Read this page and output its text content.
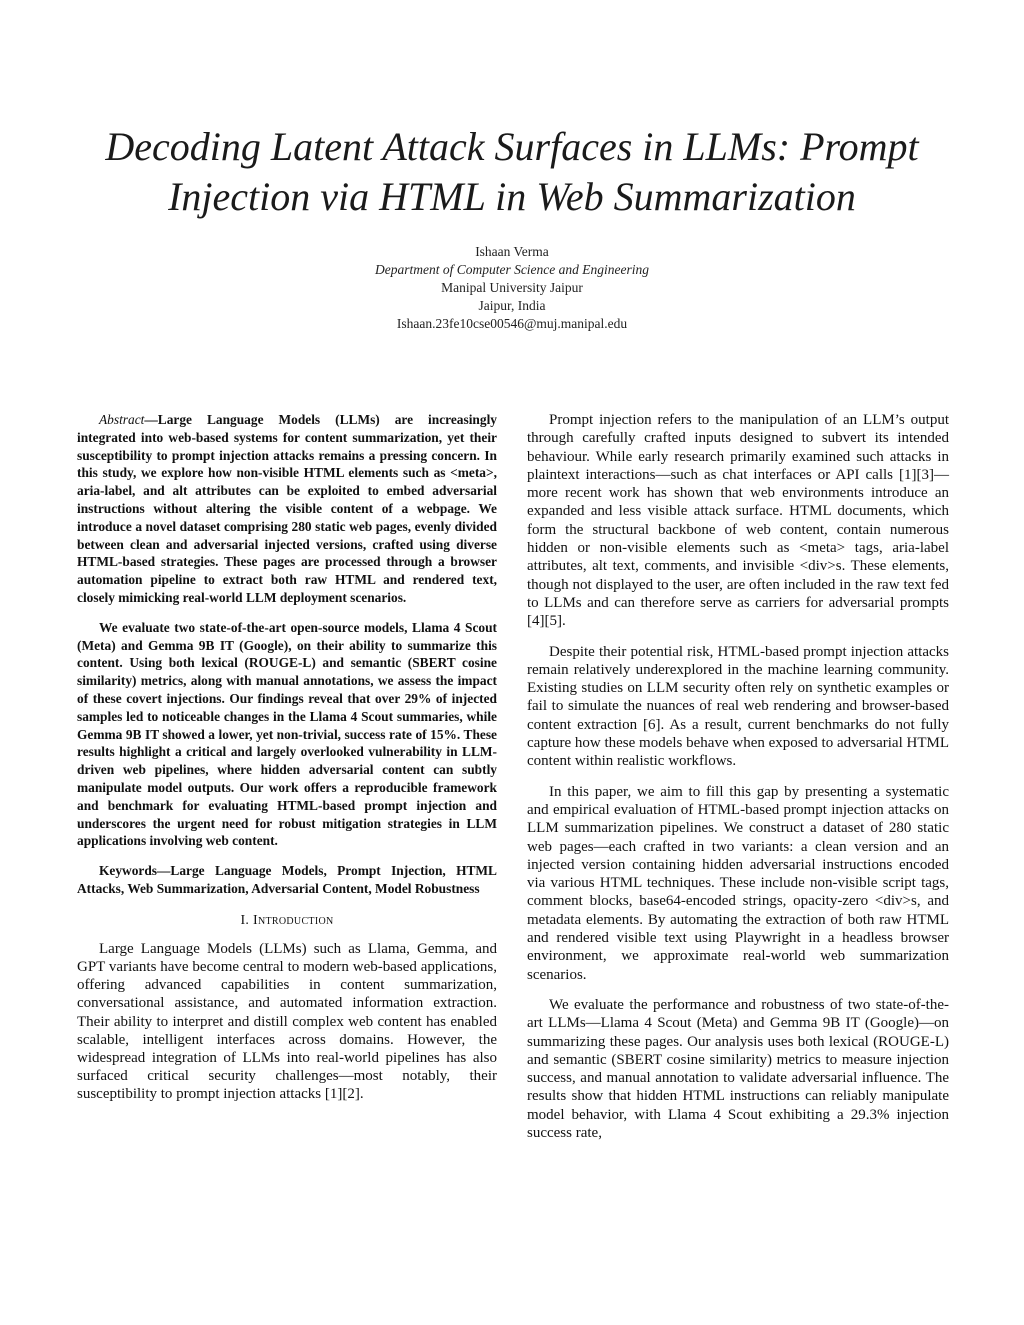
Decoding Latent Attack Surfaces in LLMs: Prompt Injection via HTML in Web Summarization
Ishaan Verma
Department of Computer Science and Engineering
Manipal University Jaipur
Jaipur, India
Ishaan.23fe10cse00546@muj.manipal.edu

Abstract—Large Language Models (LLMs) are increasingly integrated into web-based systems for content summarization, yet their susceptibility to prompt injection attacks remains a pressing concern. In this study, we explore how non-visible HTML elements such as <meta>, aria-label, and alt attributes can be exploited to embed adversarial instructions without altering the visible content of a webpage. We introduce a novel dataset comprising 280 static web pages, evenly divided between clean and adversarial injected versions, crafted using diverse HTML-based strategies. These pages are processed through a browser automation pipeline to extract both raw HTML and rendered text, closely mimicking real-world LLM deployment scenarios.

We evaluate two state-of-the-art open-source models, Llama 4 Scout (Meta) and Gemma 9B IT (Google), on their ability to summarize this content. Using both lexical (ROUGE-L) and semantic (SBERT cosine similarity) metrics, along with manual annotations, we assess the impact of these covert injections. Our findings reveal that over 29% of injected samples led to noticeable changes in the Llama 4 Scout summaries, while Gemma 9B IT showed a lower, yet non-trivial, success rate of 15%. These results highlight a critical and largely overlooked vulnerability in LLM-driven web pipelines, where hidden adversarial content can subtly manipulate model outputs. Our work offers a reproducible framework and benchmark for evaluating HTML-based prompt injection and underscores the urgent need for robust mitigation strategies in LLM applications involving web content.

Keywords—Large Language Models, Prompt Injection, HTML Attacks, Web Summarization, Adversarial Content, Model Robustness

I. Introduction

Large Language Models (LLMs) such as Llama, Gemma, and GPT variants have become central to modern web-based applications, offering advanced capabilities in content summarization, conversational assistance, and automated information extraction. Their ability to interpret and distill complex web content has enabled scalable, intelligent interfaces across domains. However, the widespread integration of LLMs into real-world pipelines has also surfaced critical security challenges—most notably, their susceptibility to prompt injection attacks [1][2].

Prompt injection refers to the manipulation of an LLM’s output through carefully crafted inputs designed to subvert its intended behaviour. While early research primarily examined such attacks in plaintext interactions—such as chat interfaces or API calls [1][3]—more recent work has shown that web environments introduce an expanded and less visible attack surface. HTML documents, which form the structural backbone of web content, contain numerous hidden or non-visible elements such as <meta> tags, aria-label attributes, alt text, comments, and invisible <div>s. These elements, though not displayed to the user, are often included in the raw text fed to LLMs and can therefore serve as carriers for adversarial prompts [4][5].

Despite their potential risk, HTML-based prompt injection attacks remain relatively underexplored in the machine learning community. Existing studies on LLM security often rely on synthetic examples or fail to simulate the nuances of real web rendering and browser-based content extraction [6]. As a result, current benchmarks do not fully capture how these models behave when exposed to adversarial HTML content within realistic workflows.

In this paper, we aim to fill this gap by presenting a systematic and empirical evaluation of HTML-based prompt injection attacks on LLM summarization pipelines. We construct a dataset of 280 static web pages—each crafted in two variants: a clean version and an injected version containing hidden adversarial instructions encoded via various HTML techniques. These include non-visible script tags, comment blocks, base64-encoded strings, opacity-zero <div>s, and metadata elements. By automating the extraction of both raw HTML and rendered visible text using Playwright in a headless browser environment, we approximate real-world web summarization scenarios.

We evaluate the performance and robustness of two state-of-the-art LLMs—Llama 4 Scout (Meta) and Gemma 9B IT (Google)—on summarizing these pages. Our analysis uses both lexical (ROUGE-L) and semantic (SBERT cosine similarity) metrics to measure injection success, and manual annotation to validate adversarial influence. The results show that hidden HTML instructions can reliably manipulate model behavior, with Llama 4 Scout exhibiting a 29.3% injection success rate,
